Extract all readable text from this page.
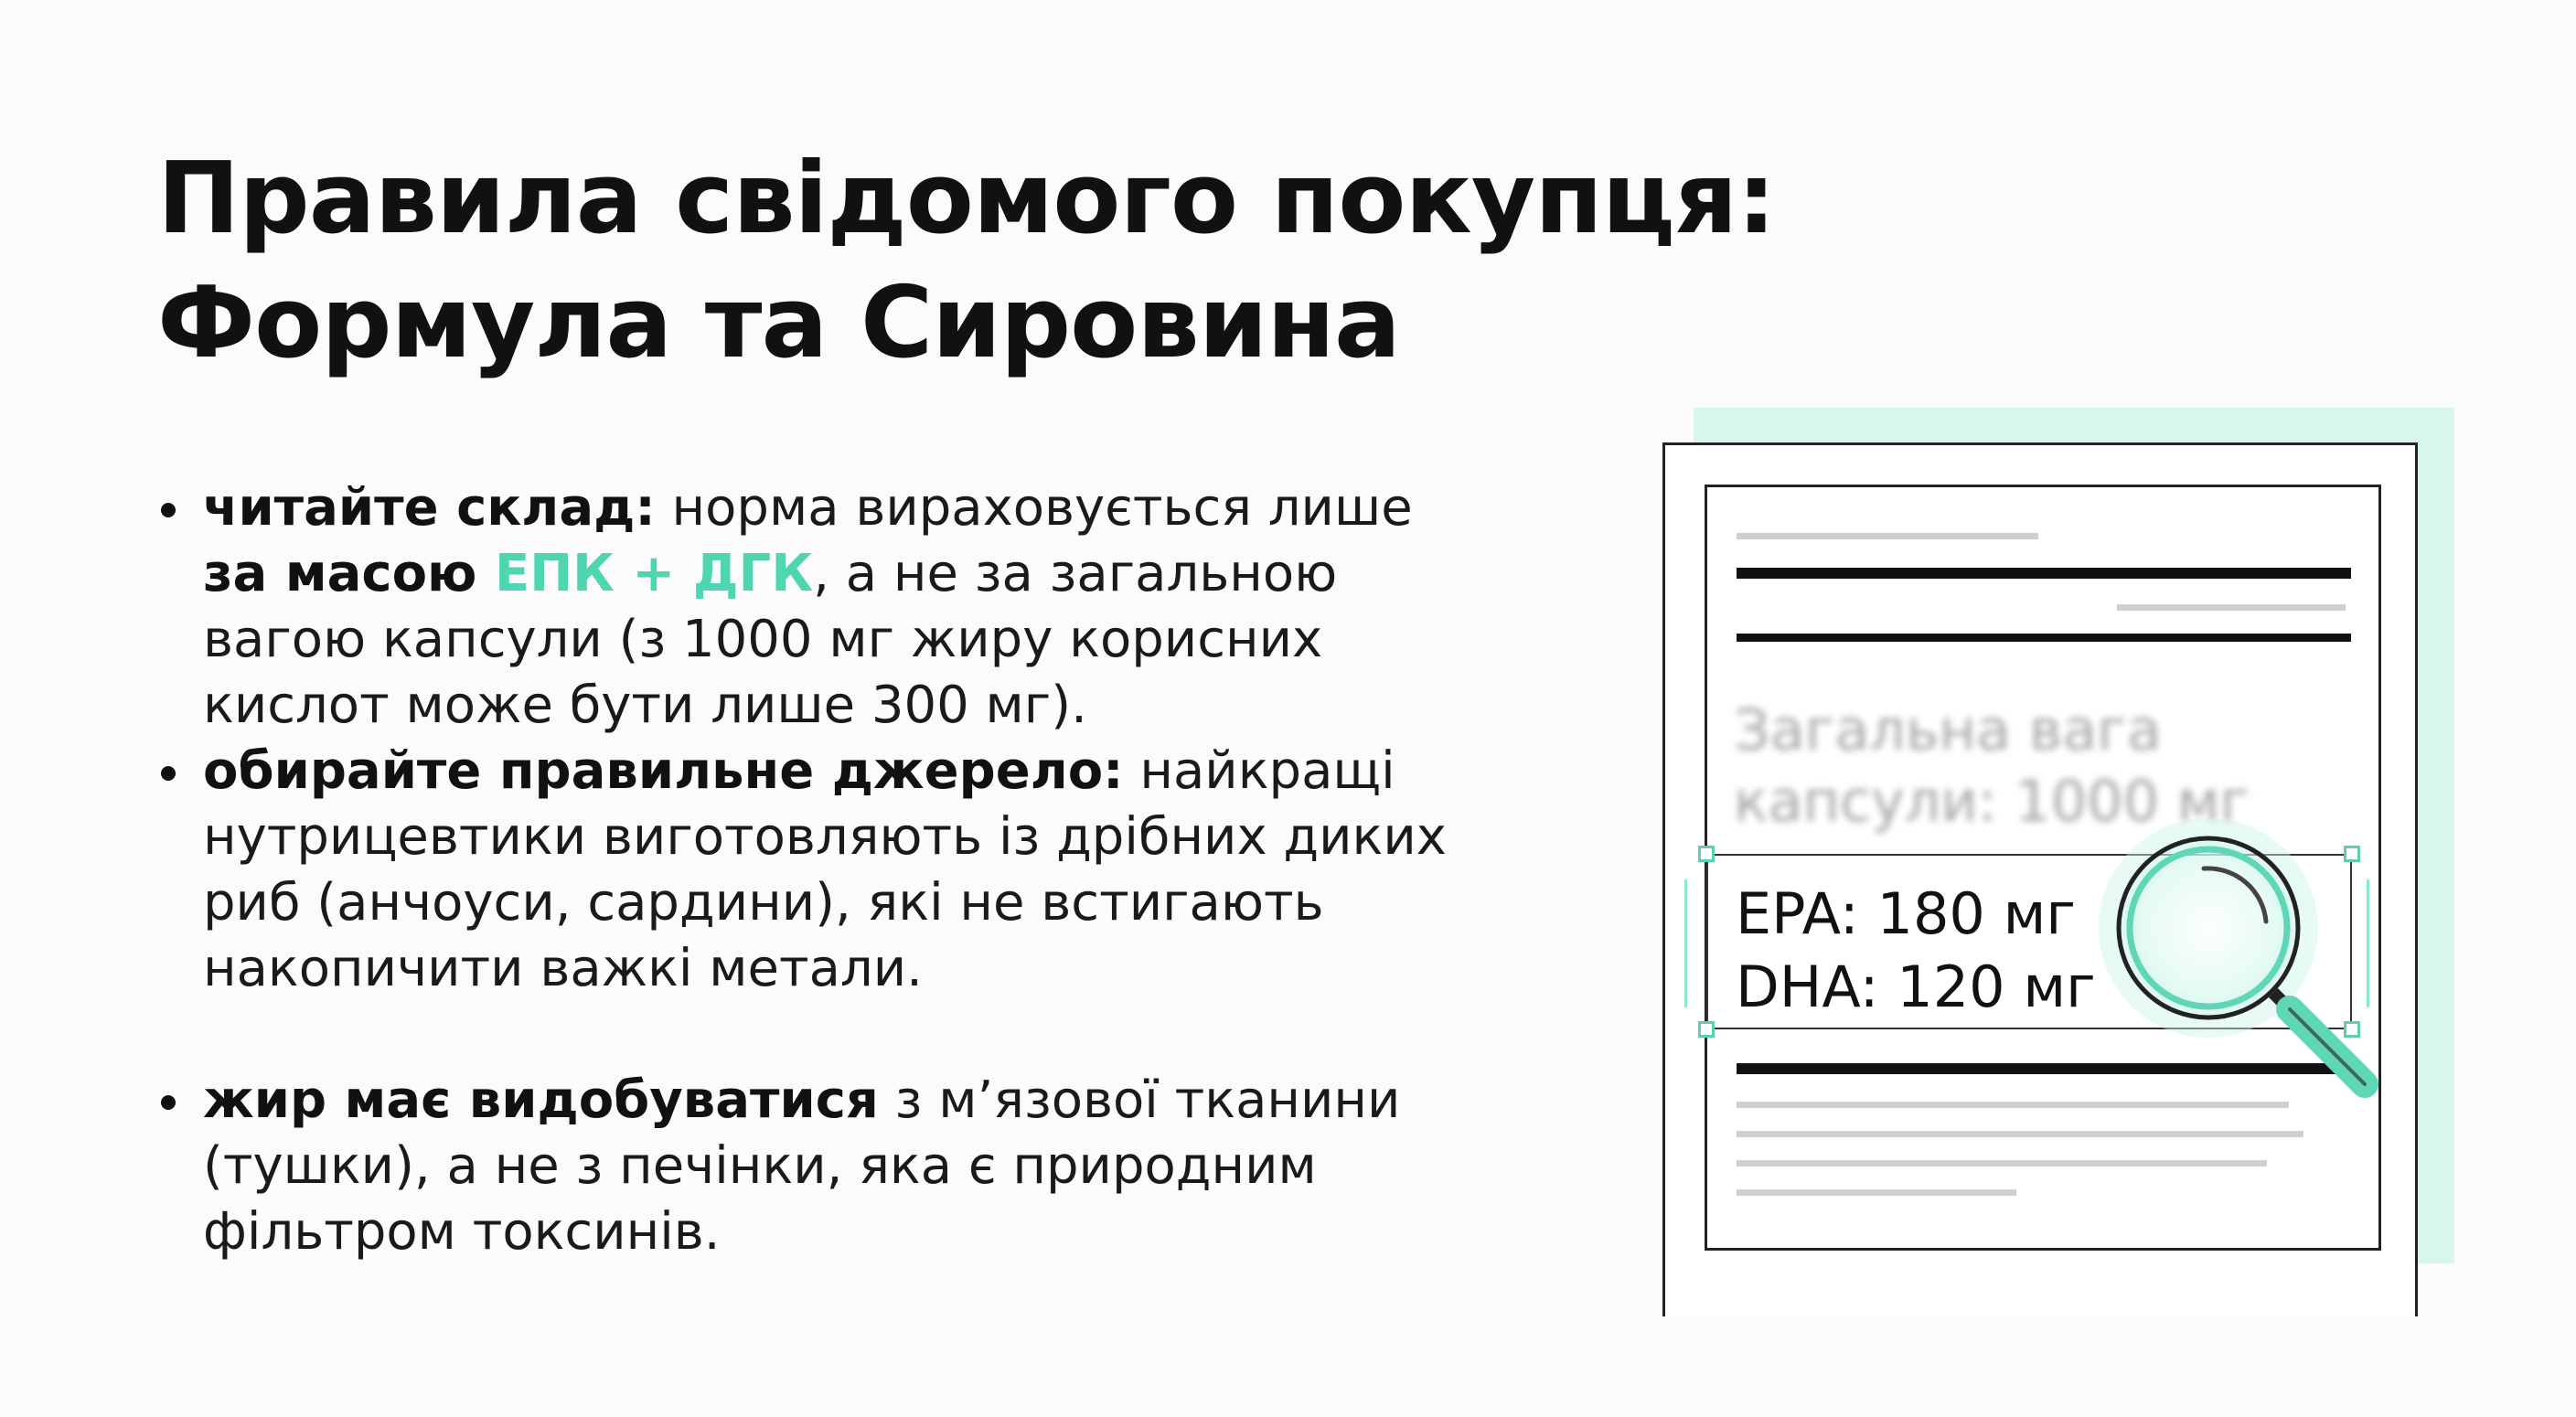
Правила свідомого покупця:
Формула та Сировина
читайте склад: норма вираховується лише
за масою ЕПК + ДГК, а не за загальною
вагою капсули (з 1000 мг жиру корисних
кислот може бути лише 300 мг).
обирайте правильне джерело: найкращі
нутрицевтики виготовляють із дрібних диких
риб (анчоуси, сардини), які не встигають
накопичити важкі метали.
жир має видобуватися з м’язової тканини
(тушки), а не з печінки, яка є природним
фільтром токсинів.
Загальна вага
капсули: 1000 мг
EPA: 180 мг
DHA: 120 мг
